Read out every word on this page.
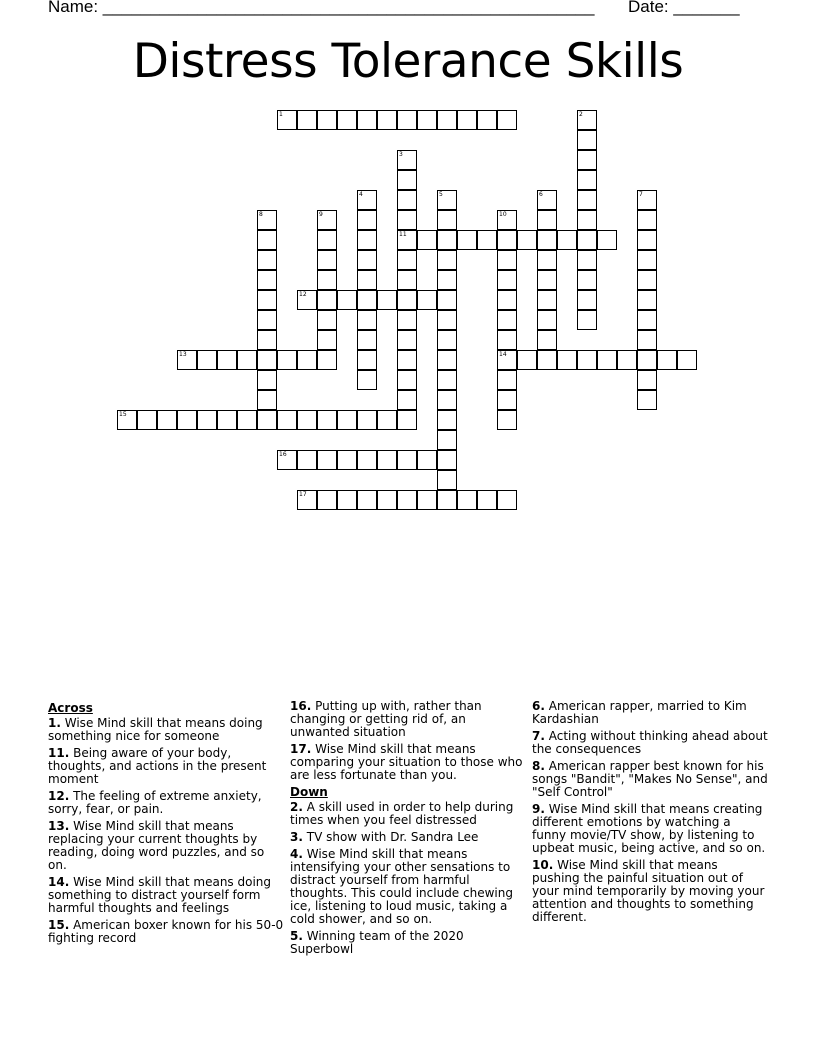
Name: ____________________________________________________ Date: _______
Distress Tolerance Skills
1
11
12
13	14
15
16
17
2
3
4	5	6	7
8	9	10
Across
1. Wise Mind skill that means doing something nice for someone
11. Being aware of your body, thoughts, and actions in the present moment
12. The feeling of extreme anxiety, sorry, fear, or pain.
13. Wise Mind skill that means replacing your current thoughts by reading, doing word puzzles, and so on.
14. Wise Mind skill that means doing something to distract yourself form harmful thoughts and feelings
15. American boxer known for his 50-0 fighting record
16. Putting up with, rather than changing or getting rid of, an unwanted situation
17. Wise Mind skill that means comparing your situation to those who are less fortunate than you.
Down
2. A skill used in order to help during times when you feel distressed
3. TV show with Dr. Sandra Lee
4. Wise Mind skill that means intensifying your other sensations to distract yourself from harmful thoughts. This could include chewing ice, listening to loud music, taking a cold shower, and so on.
5. Winning team of the 2020 Superbowl
6. American rapper, married to Kim Kardashian
7. Acting without thinking ahead about the consequences
8. American rapper best known for his songs "Bandit", "Makes No Sense", and "Self Control"
9. Wise Mind skill that means creating different emotions by watching a funny movie/TV show, by listening to upbeat music, being active, and so on.
10. Wise Mind skill that means pushing the painful situation out of your mind temporarily by moving your attention and thoughts to something different.
